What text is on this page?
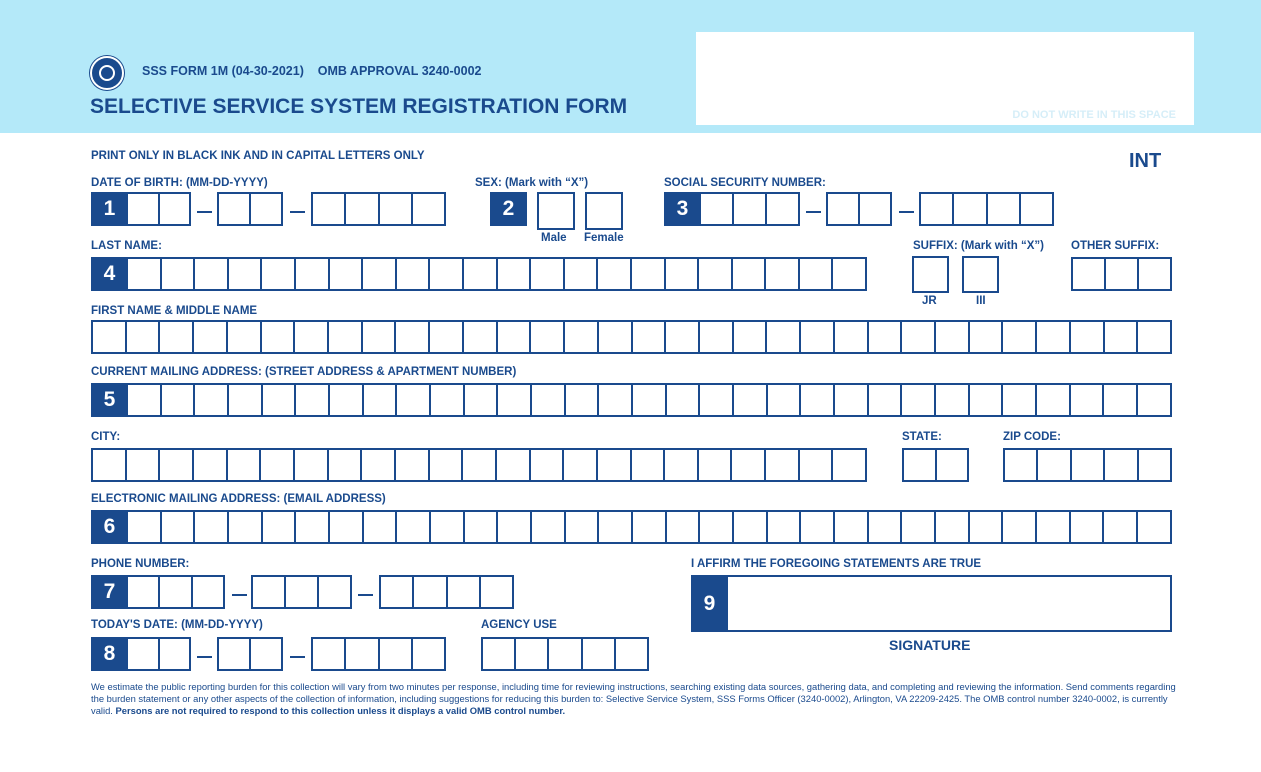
SSS FORM 1M (04-30-2021)    OMB APPROVAL 3240-0002
SELECTIVE SERVICE SYSTEM REGISTRATION FORM	DO NOT WRITE IN THIS SPACE
PRINT ONLY IN BLACK INK AND IN CAPITAL LETTERS ONLY	INT
DATE OF BIRTH: (MM-DD-YYYY)
1
SEX: (Mark with “X”)
2
Male Female
SOCIAL SECURITY NUMBER:
3
LAST NAME:
4
SUFFIX: (Mark with “X”)
JR	III
OTHER SUFFIX:
FIRST NAME & MIDDLE NAME
CURRENT MAILING ADDRESS: (STREET ADDRESS & APARTMENT NUMBER)
5
CITY:	STATE:	ZIP CODE:
ELECTRONIC MAILING ADDRESS: (EMAIL ADDRESS)
6
PHONE NUMBER:
7
I AFFIRM THE FOREGOING STATEMENTS ARE TRUE
9
SIGNATURE
TODAY'S DATE: (MM-DD-YYYY)
8
AGENCY USE
We estimate the public reporting burden for this collection will vary from two minutes per response, including time for reviewing instructions, searching existing data sources, gathering data, and completing and reviewing the information. Send comments regarding the burden statement or any other aspects of the collection of information, including suggestions for reducing this burden to: Selective Service System, SSS Forms Officer (3240-0002), Arlington, VA 22209-2425. The OMB control number 3240-0002, is currently valid. Persons are not required to respond to this collection unless it displays a valid OMB control number.
